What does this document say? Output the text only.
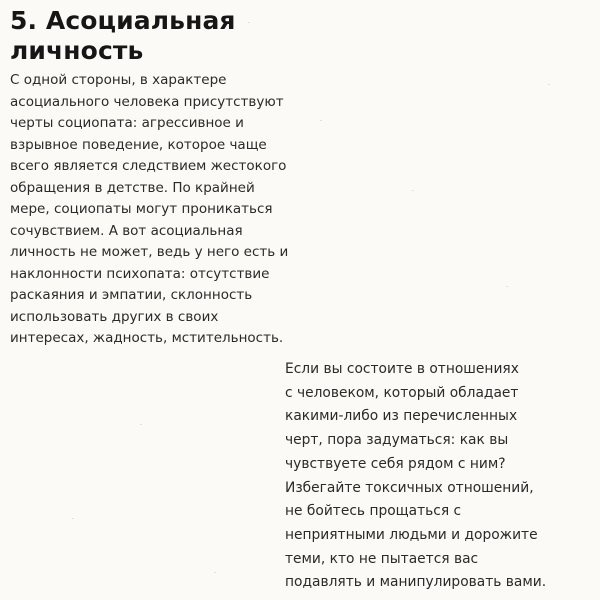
5. Асоциальная
личность

С одной стороны, в характере
асоциального человека присутствуют
черты социопата: агрессивное и
взрывное поведение, которое чаще
всего является следствием жестокого
обращения в детстве. По крайней
мере, социопаты могут проникаться
сочувствием. А вот асоциальная
личность не может, ведь у него есть и
наклонности психопата: отсутствие
раскаяния и эмпатии, склонность
использовать других в своих
интересах, жадность, мстительность.

Если вы состоите в отношениях
с человеком, который обладает
какими-либо из перечисленных
черт, пора задуматься: как вы
чувствуете себя рядом с ним?
Избегайте токсичных отношений,
не бойтесь прощаться с
неприятными людьми и дорожите
теми, кто не пытается вас
подавлять и манипулировать вами.
